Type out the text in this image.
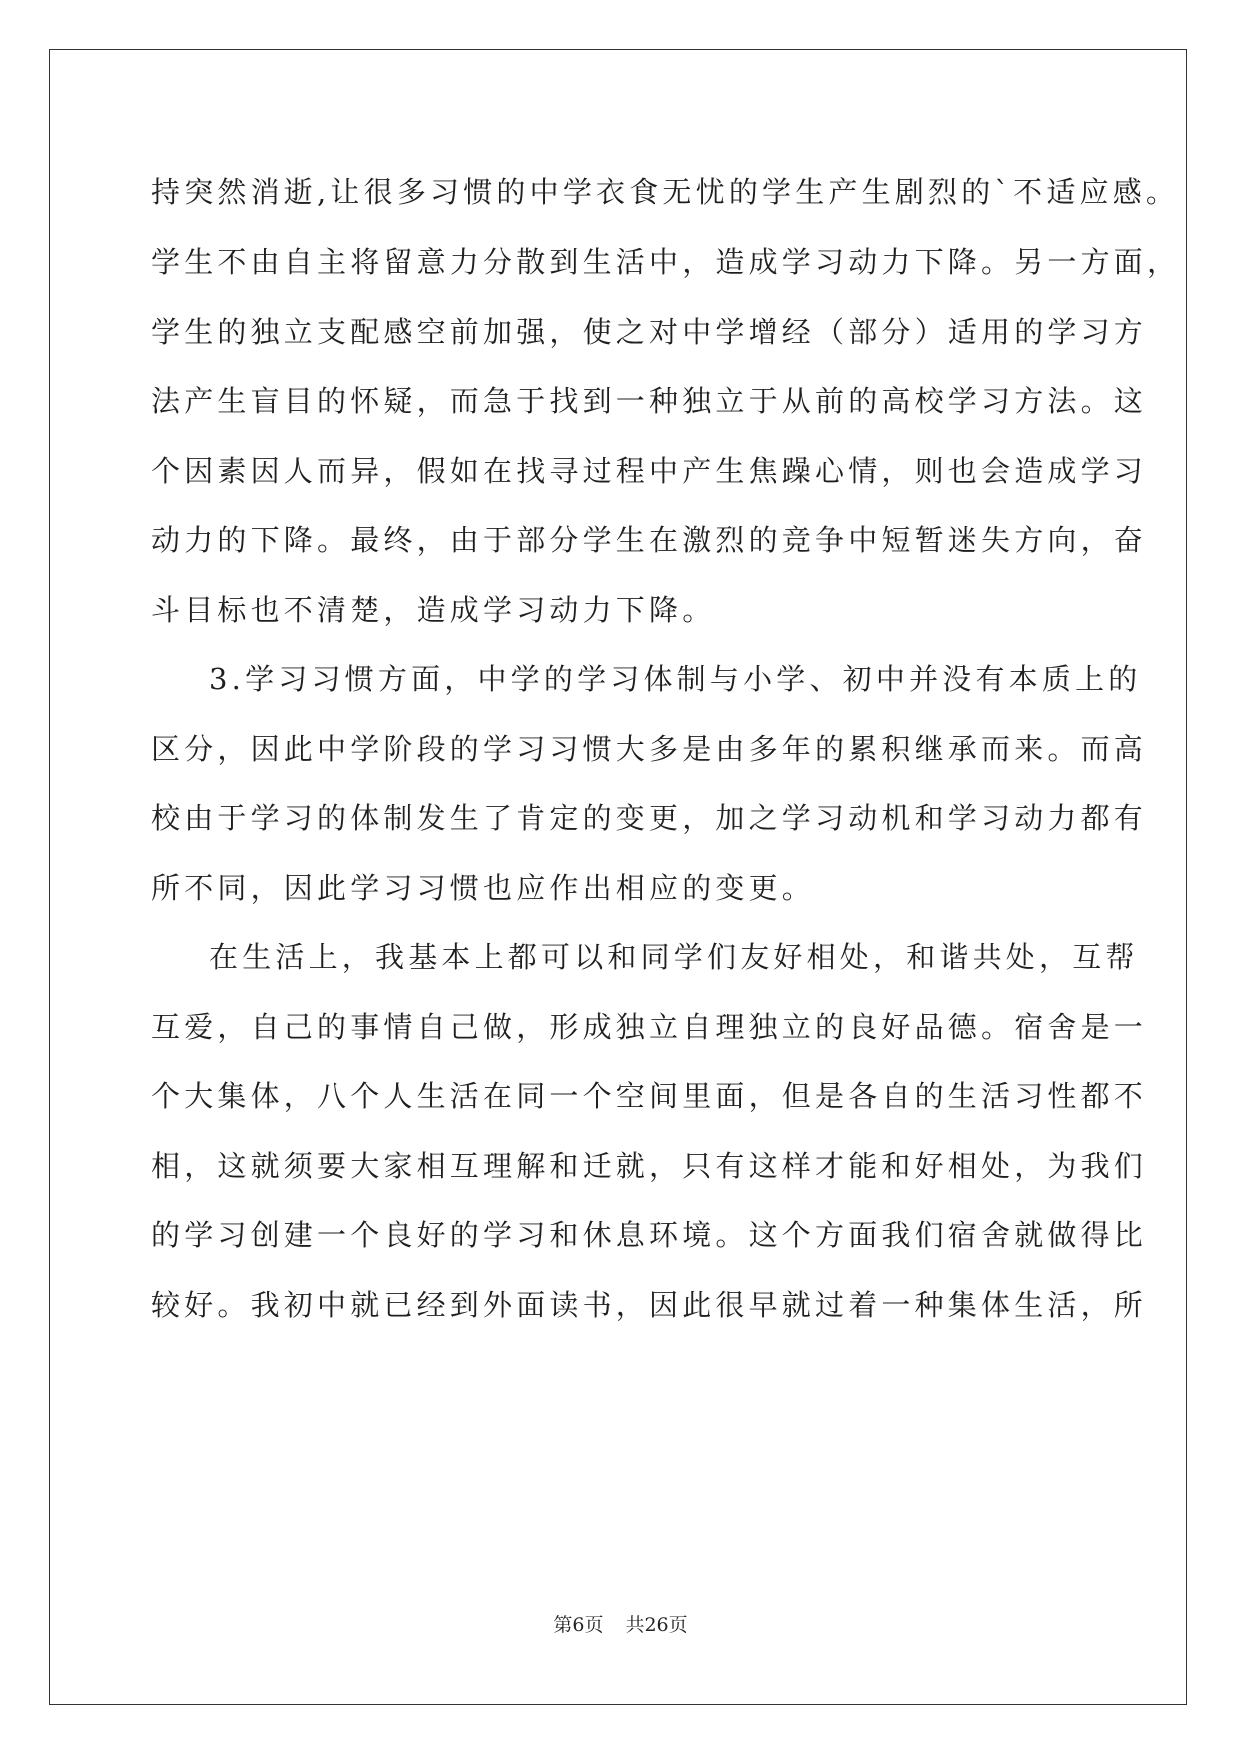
持突然消逝,让很多习惯的中学衣食无忧的学生产生剧烈的`不适应感。
学生不由自主将留意力分散到生活中，造成学习动力下降。另一方面，
学生的独立支配感空前加强，使之对中学增经（部分）适用的学习方
法产生盲目的怀疑，而急于找到一种独立于从前的高校学习方法。这
个因素因人而异，假如在找寻过程中产生焦躁心情，则也会造成学习
动力的下降。最终，由于部分学生在激烈的竞争中短暂迷失方向，奋
斗目标也不清楚，造成学习动力下降。
3.学习习惯方面，中学的学习体制与小学、初中并没有本质上的
区分，因此中学阶段的学习习惯大多是由多年的累积继承而来。而高
校由于学习的体制发生了肯定的变更，加之学习动机和学习动力都有
所不同，因此学习习惯也应作出相应的变更。
在生活上，我基本上都可以和同学们友好相处，和谐共处，互帮
互爱，自己的事情自己做，形成独立自理独立的良好品德。宿舍是一
个大集体，八个人生活在同一个空间里面，但是各自的生活习性都不
相，这就须要大家相互理解和迁就，只有这样才能和好相处，为我们
的学习创建一个良好的学习和休息环境。这个方面我们宿舍就做得比
较好。我初中就已经到外面读书，因此很早就过着一种集体生活，所
第6页 共26页
